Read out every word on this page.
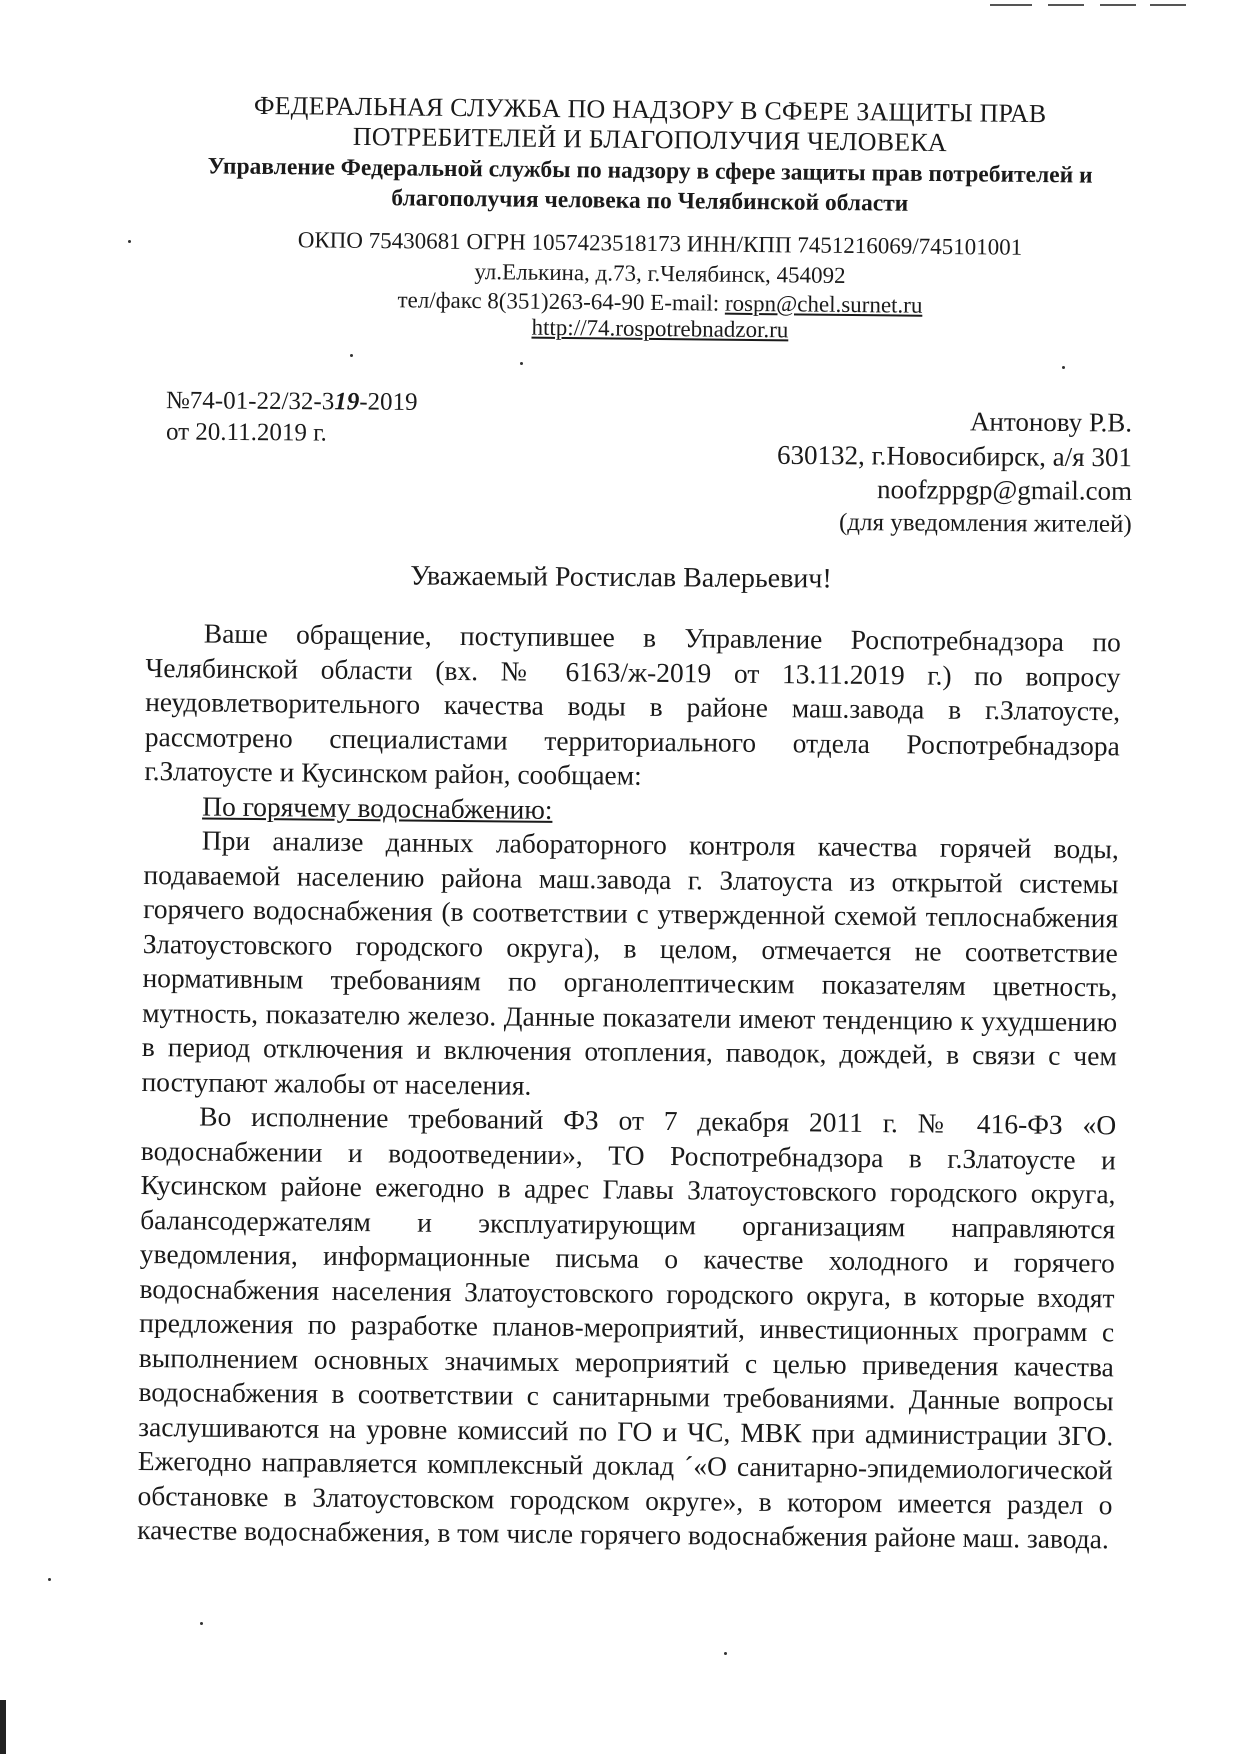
ФЕДЕРАЛЬНАЯ СЛУЖБА ПО НАДЗОРУ В СФЕРЕ ЗАЩИТЫ ПРАВ ПОТРЕБИТЕЛЕЙ И БЛАГОПОЛУЧИЯ ЧЕЛОВЕКА
Управление Федеральной службы по надзору в сфере защиты прав потребителей и благополучия человека по Челябинской области
ОКПО 75430681 ОГРН 1057423518173 ИНН/КПП 7451216069/745101001
ул.Елькина, д.73, г.Челябинск, 454092
тел/факс 8(351)263-64-90 E-mail: rospn@chel.surnet.ru
http://74.rospotrebnadzor.ru
№74-01-22/32-319-2019
от 20.11.2019 г.	Антонову Р.В.
630132, г.Новосибирск, а/я 301
noofzppgp@gmail.com
(для уведомления жителей)
Уважаемый Ростислав Валерьевич!

Ваше обращение, поступившее в Управление Роспотребнадзора по Челябинской области (вх. № 6163/ж-2019 от 13.11.2019 г.) по вопросу неудовлетворительного качества воды в районе маш.завода в г.Златоусте, рассмотрено специалистами территориального отдела Роспотребнадзора г.Златоусте и Кусинском район, сообщаем:

По горячему водоснабжению:

При анализе данных лабораторного контроля качества горячей воды, подаваемой населению района маш.завода г. Златоуста из открытой системы горячего водоснабжения (в соответствии с утвержденной схемой теплоснабжения Златоустовского городского округа), в целом, отмечается не соответствие нормативным требованиям по органолептическим показателям цветность, мутность, показателю железо. Данные показатели имеют тенденцию к ухудшению в период отключения и включения отопления, паводок, дождей, в связи с чем поступают жалобы от населения.

Во исполнение требований ФЗ от 7 декабря 2011 г. № 416-ФЗ «О водоснабжении и водоотведении», ТО Роспотребнадзора в г.Златоусте и Кусинском районе ежегодно в адрес Главы Златоустовского городского округа, балансодержателям и эксплуатирующим организациям направляются уведомления, информационные письма о качестве холодного и горячего водоснабжения населения Златоустовского городского округа, в которые входят предложения по разработке планов-мероприятий, инвестиционных программ с выполнением основных значимых мероприятий с целью приведения качества водоснабжения в соответствии с санитарными требованиями. Данные вопросы заслушиваются на уровне комиссий по ГО и ЧС, МВК при администрации ЗГО. Ежегодно направляется комплексный доклад ´«О санитарно-эпидемиологической обстановке в Златоустовском городском округе», в котором имеется раздел о качестве водоснабжения, в том числе горячего водоснабжения районе маш. завода.
